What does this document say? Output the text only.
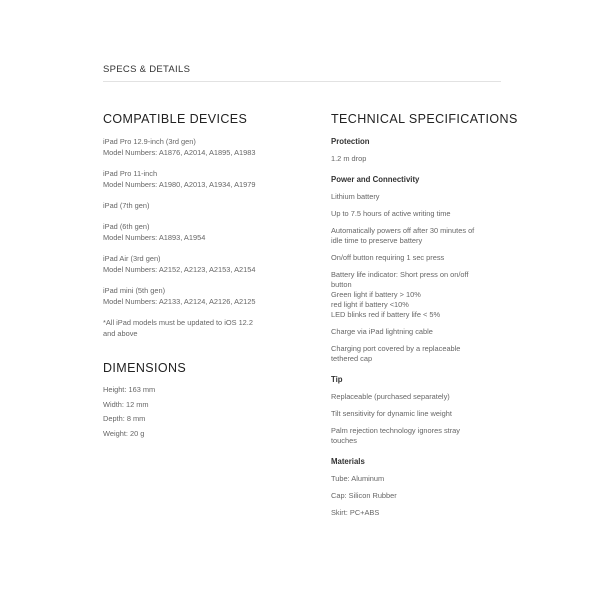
SPECS & DETAILS
COMPATIBLE DEVICES
iPad Pro 12.9-inch (3rd gen)
Model Numbers: A1876, A2014, A1895, A1983
iPad Pro 11-inch
Model Numbers: A1980, A2013, A1934, A1979
iPad (7th gen)
iPad (6th gen)
Model Numbers: A1893, A1954
iPad Air (3rd gen)
Model Numbers: A2152, A2123, A2153, A2154
iPad mini (5th gen)
Model Numbers: A2133, A2124, A2126, A2125
*All iPad models must be updated to iOS 12.2
and above
DIMENSIONS
Height: 163 mm
Width: 12 mm
Depth: 8 mm
Weight: 20 g
TECHNICAL SPECIFICATIONS
Protection
1.2 m drop
Power and Connectivity
Lithium battery
Up to 7.5 hours of active writing time
Automatically powers off after 30 minutes of
idle time to preserve battery
On/off button requiring 1 sec press
Battery life indicator: Short press on on/off
button
Green light if battery > 10%
red light if battery <10%
LED blinks red if battery life < 5%
Charge via iPad lightning cable
Charging port covered by a replaceable
tethered cap
Tip
Replaceable (purchased separately)
Tilt sensitivity for dynamic line weight
Palm rejection technology ignores stray
touches
Materials
Tube: Aluminum
Cap: Silicon Rubber
Skirt: PC+ABS
